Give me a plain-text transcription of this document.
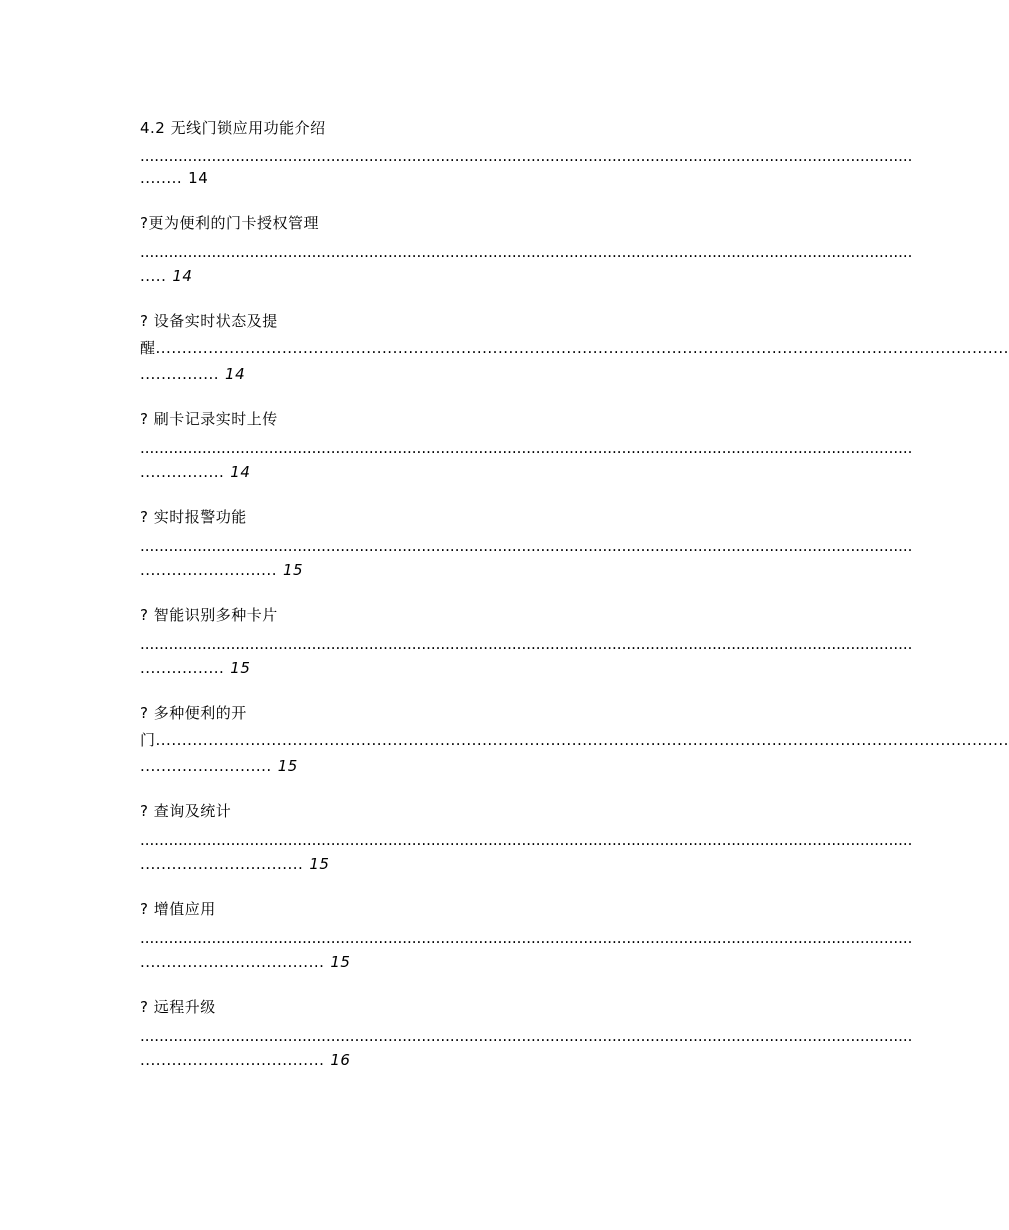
4.2 无线门锁应用功能介绍
..................................................................................................................................................................
........ 14
?更为便利的门卡授权管理
..................................................................................................................................................................
..... 14
? 设备实时状态及提
醒..................................................................................................................................................................
............... 14
? 刷卡记录实时上传
..................................................................................................................................................................
................ 14
? 实时报警功能
..................................................................................................................................................................
.......................... 15
? 智能识别多种卡片
..................................................................................................................................................................
................ 15
? 多种便利的开
门..................................................................................................................................................................
......................... 15
? 查询及统计
..................................................................................................................................................................
............................... 15
? 增值应用
..................................................................................................................................................................
................................... 15
? 远程升级
..................................................................................................................................................................
................................... 16
